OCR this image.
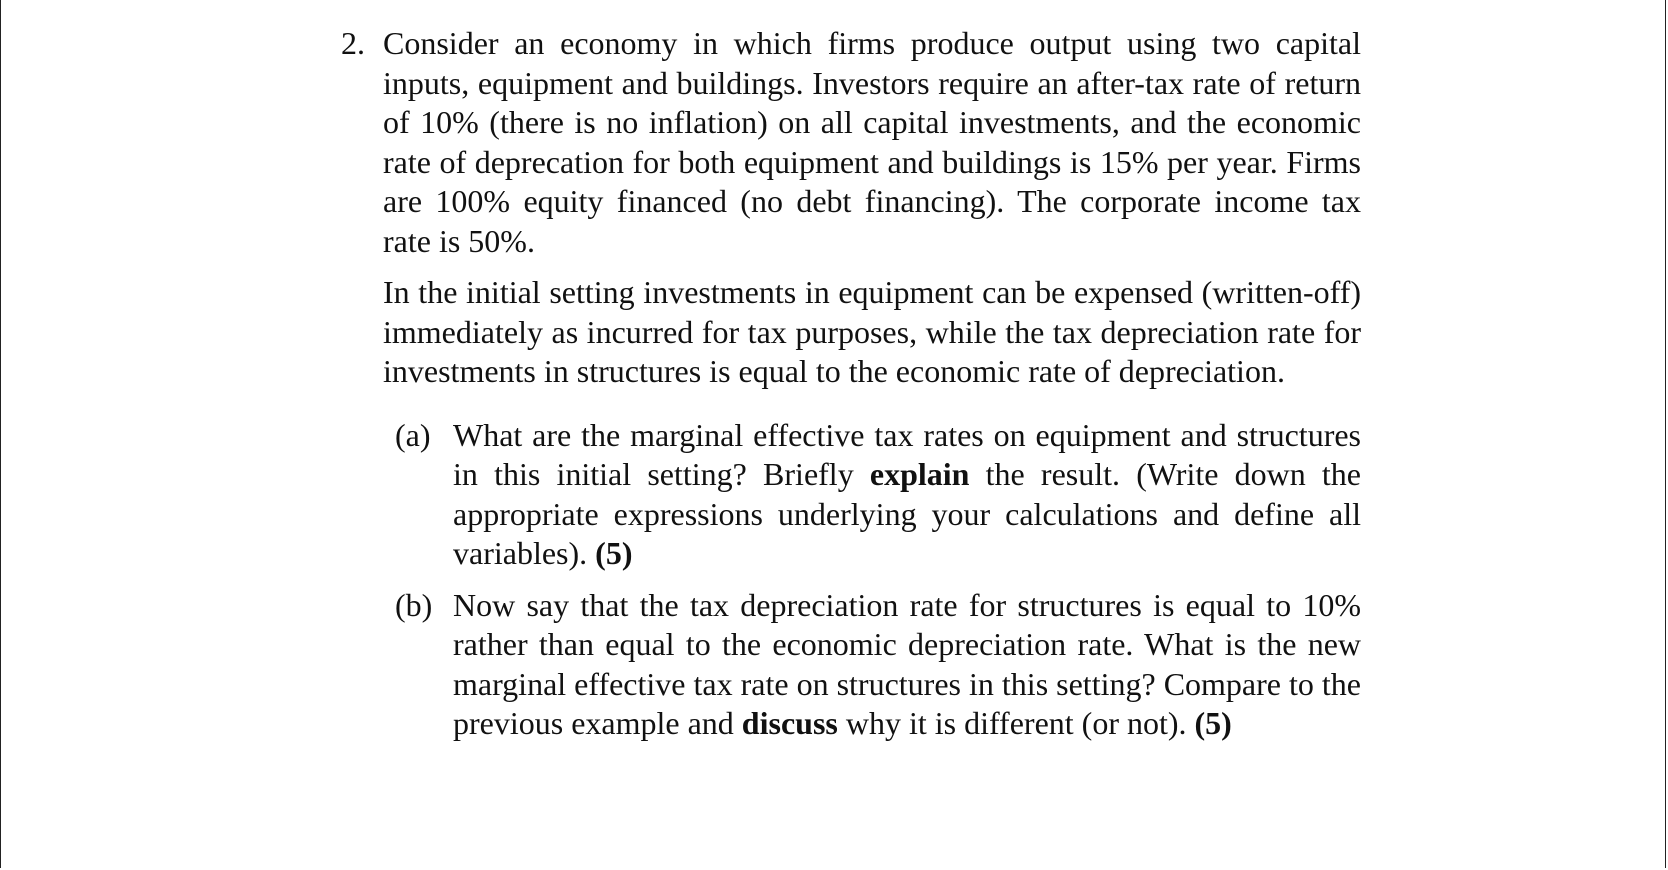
2. Consider an economy in which firms produce output using two capital inputs, equipment and buildings. Investors require an after-tax rate of return of 10% (there is no inflation) on all capital investments, and the economic rate of deprecation for both equipment and buildings is 15% per year. Firms are 100% equity financed (no debt financing). The corporate income tax rate is 50%.

In the initial setting investments in equipment can be expensed (written-off) immediately as incurred for tax purposes, while the tax depreciation rate for investments in structures is equal to the economic rate of depreciation.

(a) What are the marginal effective tax rates on equipment and structures in this initial setting? Briefly explain the result. (Write down the appropriate expressions underlying your calculations and define all variables). (5)
(b) Now say that the tax depreciation rate for structures is equal to 10% rather than equal to the economic depreciation rate. What is the new marginal effective tax rate on structures in this setting? Compare to the previous example and discuss why it is different (or not). (5)
